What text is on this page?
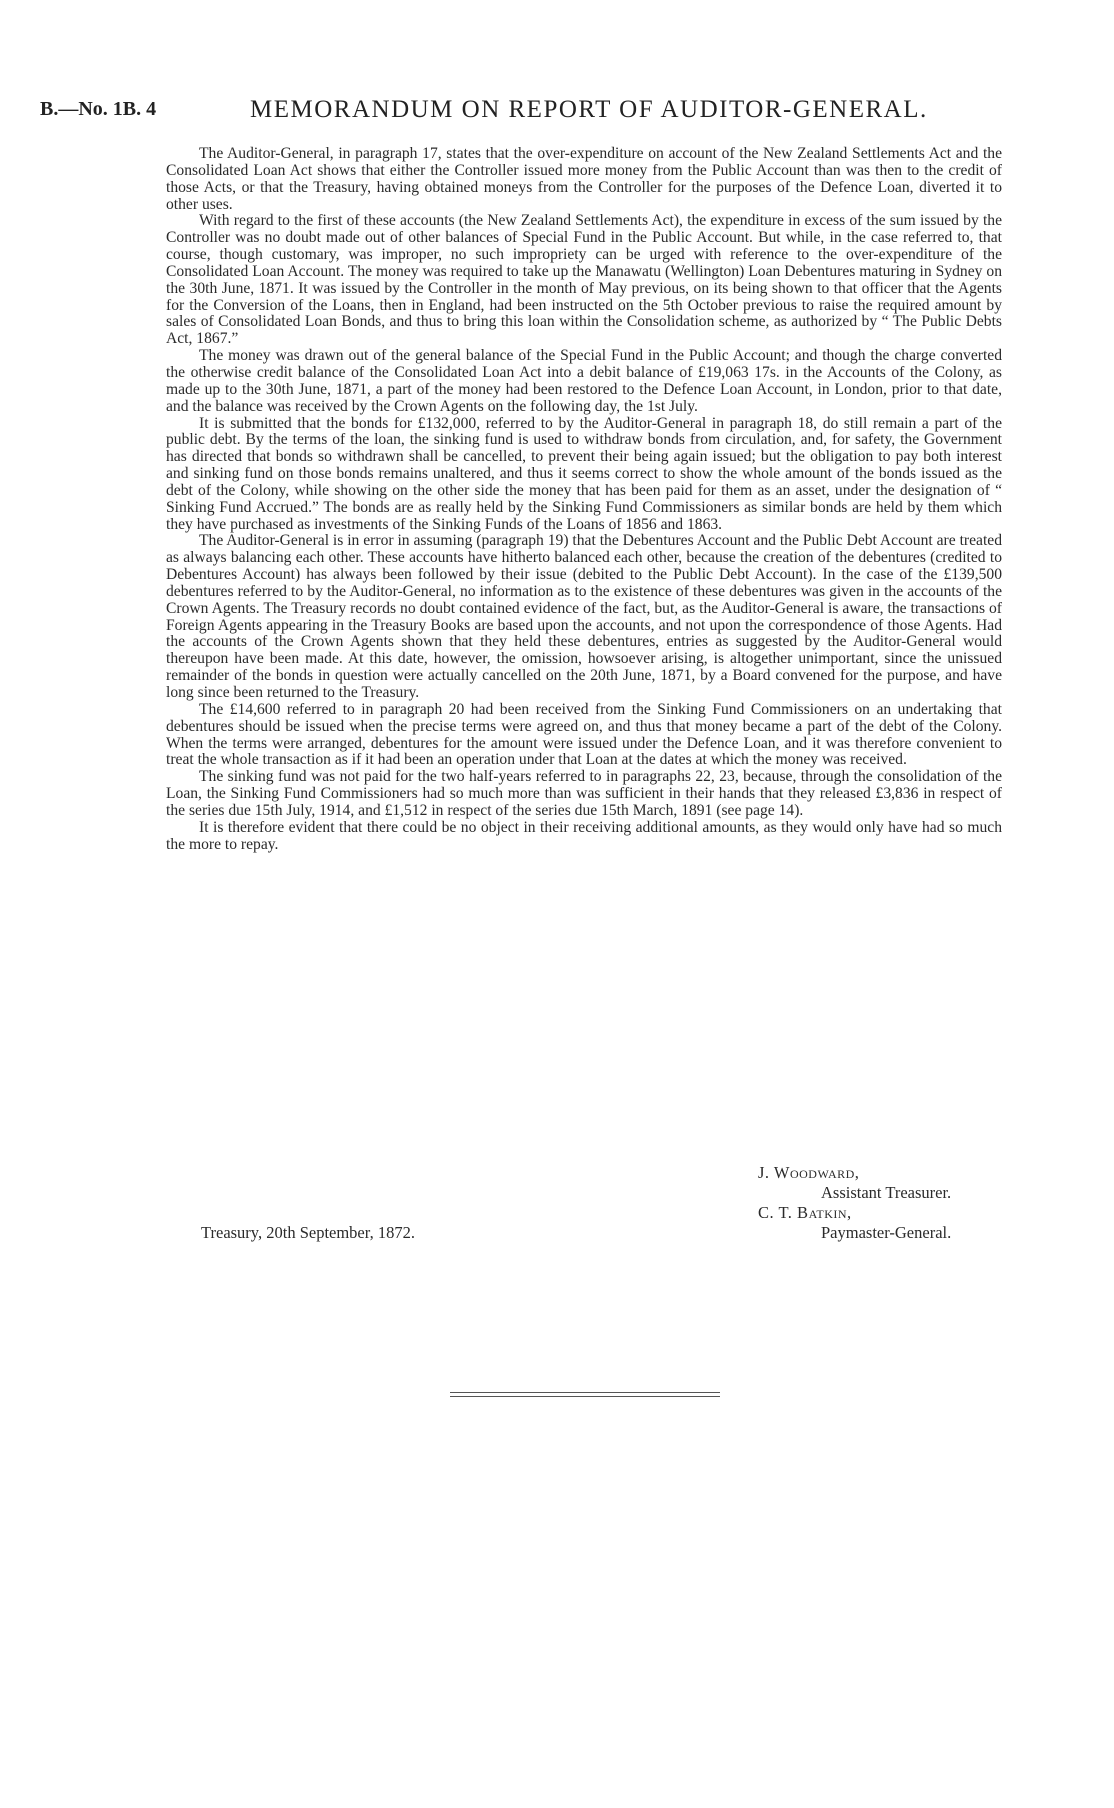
B.—No. 1B. 4	MEMORANDUM ON REPORT OF AUDITOR-GENERAL.

The Auditor-General, in paragraph 17, states that the over-expenditure on account of the New Zealand Settlements Act and the Consolidated Loan Act shows that either the Controller issued more money from the Public Account than was then to the credit of those Acts, or that the Treasury, having obtained moneys from the Controller for the purposes of the Defence Loan, diverted it to other uses.

With regard to the first of these accounts (the New Zealand Settlements Act), the expenditure in excess of the sum issued by the Controller was no doubt made out of other balances of Special Fund in the Public Account. But while, in the case referred to, that course, though customary, was improper, no such impropriety can be urged with reference to the over-expenditure of the Consolidated Loan Account. The money was required to take up the Manawatu (Wellington) Loan Debentures maturing in Sydney on the 30th June, 1871. It was issued by the Controller in the month of May previous, on its being shown to that officer that the Agents for the Conversion of the Loans, then in England, had been instructed on the 5th October previous to raise the required amount by sales of Consolidated Loan Bonds, and thus to bring this loan within the Consolidation scheme, as authorized by “ The Public Debts Act, 1867.”

The money was drawn out of the general balance of the Special Fund in the Public Account; and though the charge converted the otherwise credit balance of the Consolidated Loan Act into a debit balance of £19,063 17s. in the Accounts of the Colony, as made up to the 30th June, 1871, a part of the money had been restored to the Defence Loan Account, in London, prior to that date, and the balance was received by the Crown Agents on the following day, the 1st July.

It is submitted that the bonds for £132,000, referred to by the Auditor-General in paragraph 18, do still remain a part of the public debt. By the terms of the loan, the sinking fund is used to withdraw bonds from circulation, and, for safety, the Government has directed that bonds so withdrawn shall be cancelled, to prevent their being again issued; but the obligation to pay both interest and sinking fund on those bonds remains unaltered, and thus it seems correct to show the whole amount of the bonds issued as the debt of the Colony, while showing on the other side the money that has been paid for them as an asset, under the designation of “ Sinking Fund Accrued.” The bonds are as really held by the Sinking Fund Commissioners as similar bonds are held by them which they have purchased as investments of the Sinking Funds of the Loans of 1856 and 1863.

The Auditor-General is in error in assuming (paragraph 19) that the Debentures Account and the Public Debt Account are treated as always balancing each other. These accounts have hitherto balanced each other, because the creation of the debentures (credited to Debentures Account) has always been followed by their issue (debited to the Public Debt Account). In the case of the £139,500 debentures referred to by the Auditor-General, no information as to the existence of these debentures was given in the accounts of the Crown Agents. The Treasury records no doubt contained evidence of the fact, but, as the Auditor-General is aware, the transactions of Foreign Agents appearing in the Treasury Books are based upon the accounts, and not upon the correspondence of those Agents. Had the accounts of the Crown Agents shown that they held these debentures, entries as suggested by the Auditor-General would thereupon have been made. At this date, however, the omission, howsoever arising, is altogether unimportant, since the unissued remainder of the bonds in question were actually cancelled on the 20th June, 1871, by a Board convened for the purpose, and have long since been returned to the Treasury.

The £14,600 referred to in paragraph 20 had been received from the Sinking Fund Commissioners on an undertaking that debentures should be issued when the precise terms were agreed on, and thus that money became a part of the debt of the Colony. When the terms were arranged, debentures for the amount were issued under the Defence Loan, and it was therefore convenient to treat the whole transaction as if it had been an operation under that Loan at the dates at which the money was received.

The sinking fund was not paid for the two half-years referred to in paragraphs 22, 23, because, through the consolidation of the Loan, the Sinking Fund Commissioners had so much more than was sufficient in their hands that they released £3,836 in respect of the series due 15th July, 1914, and £1,512 in respect of the series due 15th March, 1891 (see page 14).

It is therefore evident that there could be no object in their receiving additional amounts, as they would only have had so much the more to repay.

J. Woodward,
Assistant Treasurer.
C. T. Batkin,
Treasury, 20th September, 1872.	Paymaster-General.
